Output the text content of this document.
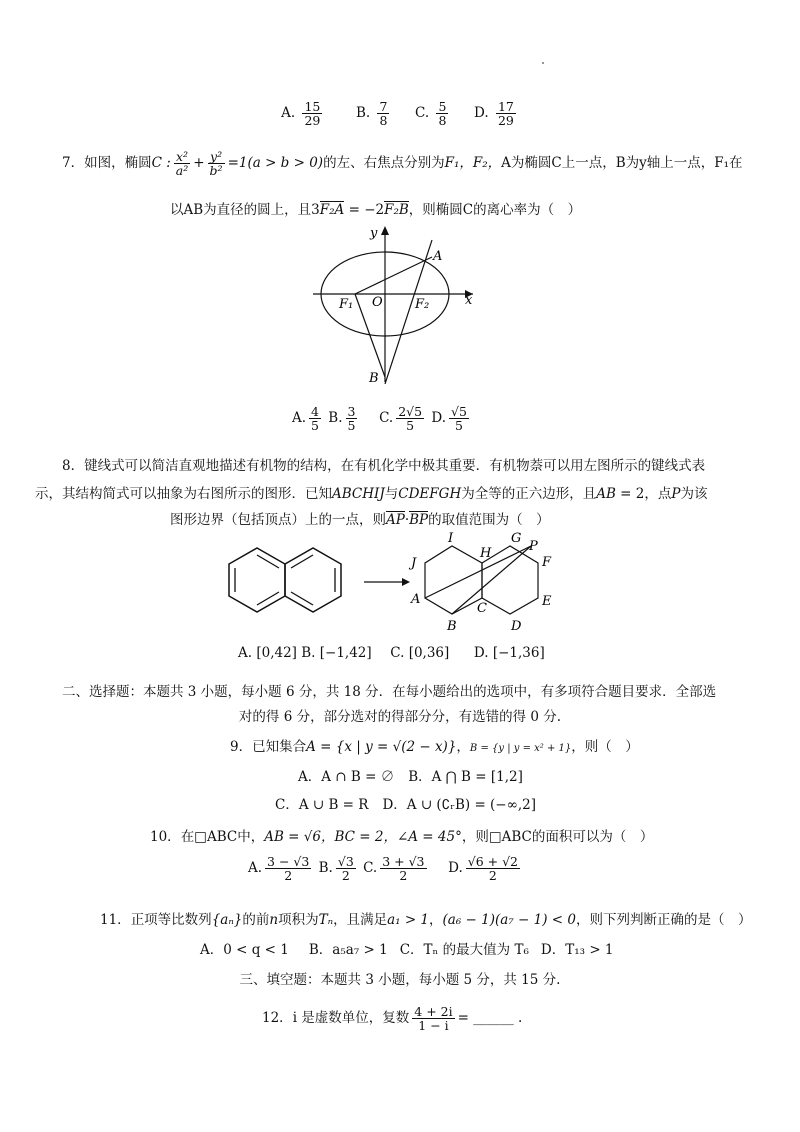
A. $\frac{15}{29} B$. $\frac{7}{8} C$. $\frac{5}{8} D$. $\frac{17}{29}$
7．如图，椭圆C : $\frac{\text{x²}}{\text{a²}} + \frac{\text{y²}}{\text{b²}} =1(a > b > 0)$的左、右焦点分别为F₁，F₂，A为椭圆C上一点，B为y轴上一点，F₁在
以AB为直径的圆上，且3F₂A = −2F₂B，则椭圆C的离心率为（　）
y
x
A
O
F₁	F₂
B
A. $\frac{4}{5} B$. $\frac{3}{5} C$. $\frac{2√5}{5} D$. $\frac{√5}{5}$
8．键线式可以简洁直观地描述有机物的结构，在有机化学中极其重要．有机物萘可以用左图所示的键线式表
示，其结构简式可以抽象为右图所示的图形．已知ABCHIJ与CDEFGH为全等的正六边形，且AB = 2，点P为该
图形边界（包括顶点）上的一点，则AP·BP的取值范围为（　）
I
H
G
P
J	F
A
C	E
B	D
A. [0,42] B. [−1,42] C. [0,36] D. [−1,36]
二、选择题：本题共 3 小题，每小题 6 分，共 18 分．在每小题给出的选项中，有多项符合题目要求．全部选
对的得 6 分，部分选对的得部分分，有选错的得 0 分.
9．已知集合A = {x | y = √(2 − x)}，B = {y | y = x² + 1}，则（　）
A．A ∩ B = ∅ B．A ⋂ B = [1,2]
C．A ∪ B = R D．A ∪ (∁ᵣB) = (−∞,2]
10．在□ABC中，AB = √6，BC = 2，∠A = 45°，则□ABC的面积可以为（　）
A. $\frac{3 - √3}{2} B$. $\frac{√3}{2} C$. $\frac{3 + √3}{2} D$. $\frac{√6 + √2}{2}$
11．正项等比数列{aₙ}的前n项积为Tₙ，且满足a₁ > 1，(a₆ − 1)(a₇ − 1) < 0，则下列判断正确的是（　）
A．0 < q < 1 B．a₅a₇ > 1 C．Tₙ 的最大值为 T₆ D．T₁₃ > 1
三、填空题：本题共 3 小题，每小题 5 分，共 15 分.
12．i 是虚数单位，复数 $\frac{4 + 2i}{1 - i}$ = ______ .
